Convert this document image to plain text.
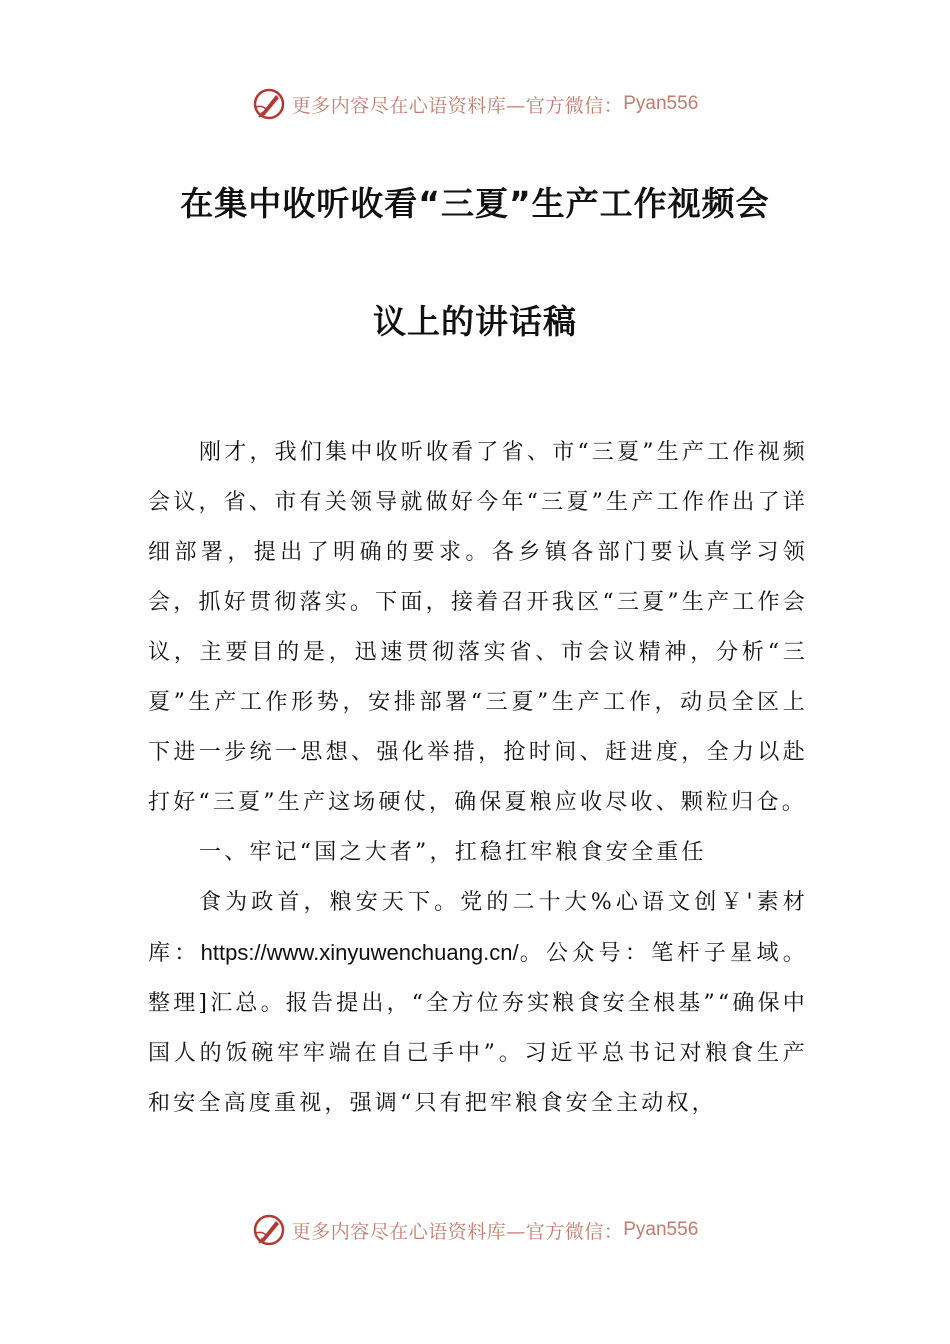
更多内容尽在心语资料库—官方微信： Pyan556
在集中收听收看“三夏”生产工作视频会
议上的讲话稿

刚才，我们集中收听收看了省、市“三夏”生产工作视频会议，省、市有关领导就做好今年“三夏”生产工作作出了详细部署，提出了明确的要求。各乡镇各部门要认真学习领会，抓好贯彻落实。下面，接着召开我区“三夏”生产工作会议，主要目的是，迅速贯彻落实省、市会议精神，分析“三夏”生产工作形势，安排部署“三夏”生产工作，动员全区上下进一步统一思想、强化举措，抢时间、赶进度，全力以赴打好“三夏”生产这场硬仗，确保夏粮应收尽收、颗粒归仓。

一、牢记“国之大者”，扛稳扛牢粮食安全重任

食为政首，粮安天下。党的二十大%心语文创￥'素材库：https://www.xinyuwenchuang.cn/。公众号：笔杆子星域。整理]汇总。报告提出，“全方位夯实粮食安全根基”“确保中国人的饭碗牢牢端在自己手中”。习近平总书记对粮食生产和安全高度重视，强调“只有把牢粮食安全主动权，

更多内容尽在心语资料库—官方微信： Pyan556
